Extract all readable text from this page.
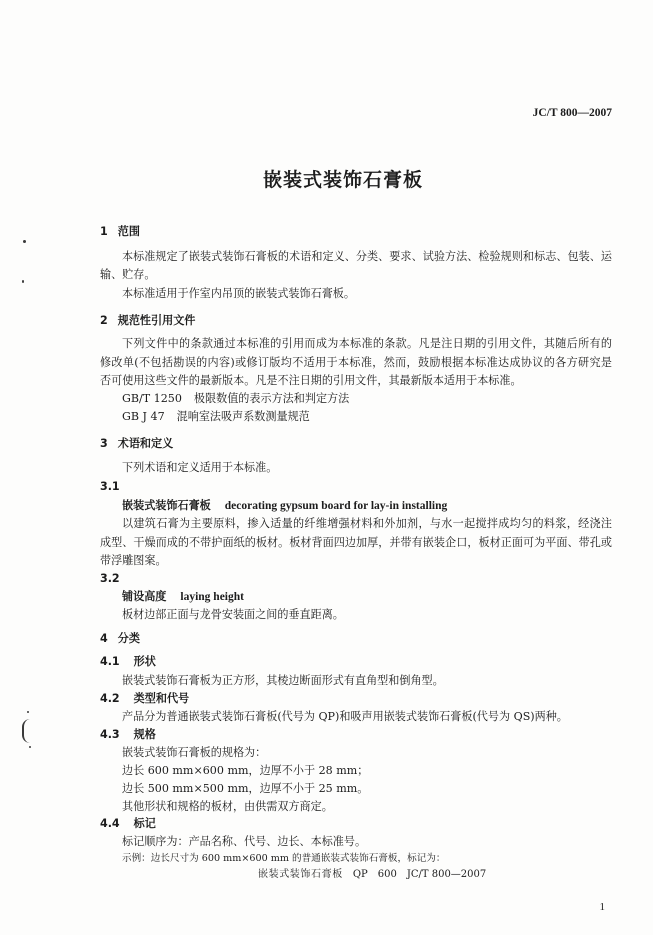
JC/T 800—2007
嵌装式装饰石膏板
1 范围
本标准规定了嵌装式装饰石膏板的术语和定义、分类、要求、试验方法、检验规则和标志、包装、运
输、贮存。
本标准适用于作室内吊顶的嵌装式装饰石膏板。
2 规范性引用文件
下列文件中的条款通过本标准的引用而成为本标准的条款。凡是注日期的引用文件，其随后所有的
修改单(不包括勘误的内容)或修订版均不适用于本标准，然而，鼓励根据本标准达成协议的各方研究是
否可使用这些文件的最新版本。凡是不注日期的引用文件，其最新版本适用于本标准。
GB/T 1250 极限数值的表示方法和判定方法
GB J 47 混响室法吸声系数测量规范
3 术语和定义
下列术语和定义适用于本标准。
3.1
嵌装式装饰石膏板 decorating gypsum board for lay-in installing
以建筑石膏为主要原料，掺入适量的纤维增强材料和外加剂，与水一起搅拌成均匀的料浆，经浇注
成型、干燥而成的不带护面纸的板材。板材背面四边加厚，并带有嵌装企口，板材正面可为平面、带孔或
带浮雕图案。
3.2
铺设高度 laying height
板材边部正面与龙骨安装面之间的垂直距离。
4 分类
4.1 形状
嵌装式装饰石膏板为正方形，其棱边断面形式有直角型和倒角型。
4.2 类型和代号
产品分为普通嵌装式装饰石膏板(代号为 QP)和吸声用嵌装式装饰石膏板(代号为 QS)两种。
4.3 规格
嵌装式装饰石膏板的规格为：
边长 600 mm×600 mm，边厚不小于 28 mm；
边长 500 mm×500 mm，边厚不小于 25 mm。
其他形状和规格的板材，由供需双方商定。
4.4 标记
标记顺序为：产品名称、代号、边长、本标准号。
示例：边长尺寸为 600 mm×600 mm 的普通嵌装式装饰石膏板，标记为：
嵌装式装饰石膏板 QP 600 JC/T 800—2007
1
